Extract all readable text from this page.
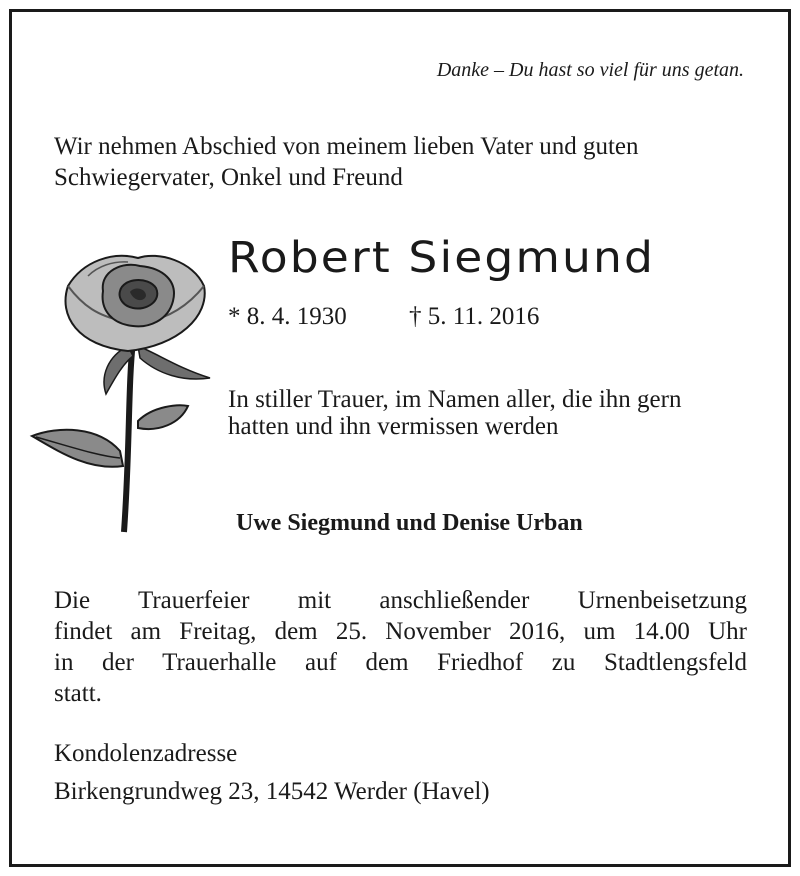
Danke – Du hast so viel für uns getan.
Wir nehmen Abschied von meinem lieben Vater und guten
Schwiegervater, Onkel und Freund
Robert Siegmund
* 8. 4. 1930 † 5. 11. 2016
In stiller Trauer, im Namen aller, die ihn gern
hatten und ihn vermissen werden
Uwe Siegmund und Denise Urban
Die Trauerfeier mit anschließender Urnenbeisetzung
findet am Freitag, dem 25. November 2016, um 14.00 Uhr
in der Trauerhalle auf dem Friedhof zu Stadtlengsfeld
statt.
Kondolenzadresse
Birkengrundweg 23, 14542 Werder (Havel)
